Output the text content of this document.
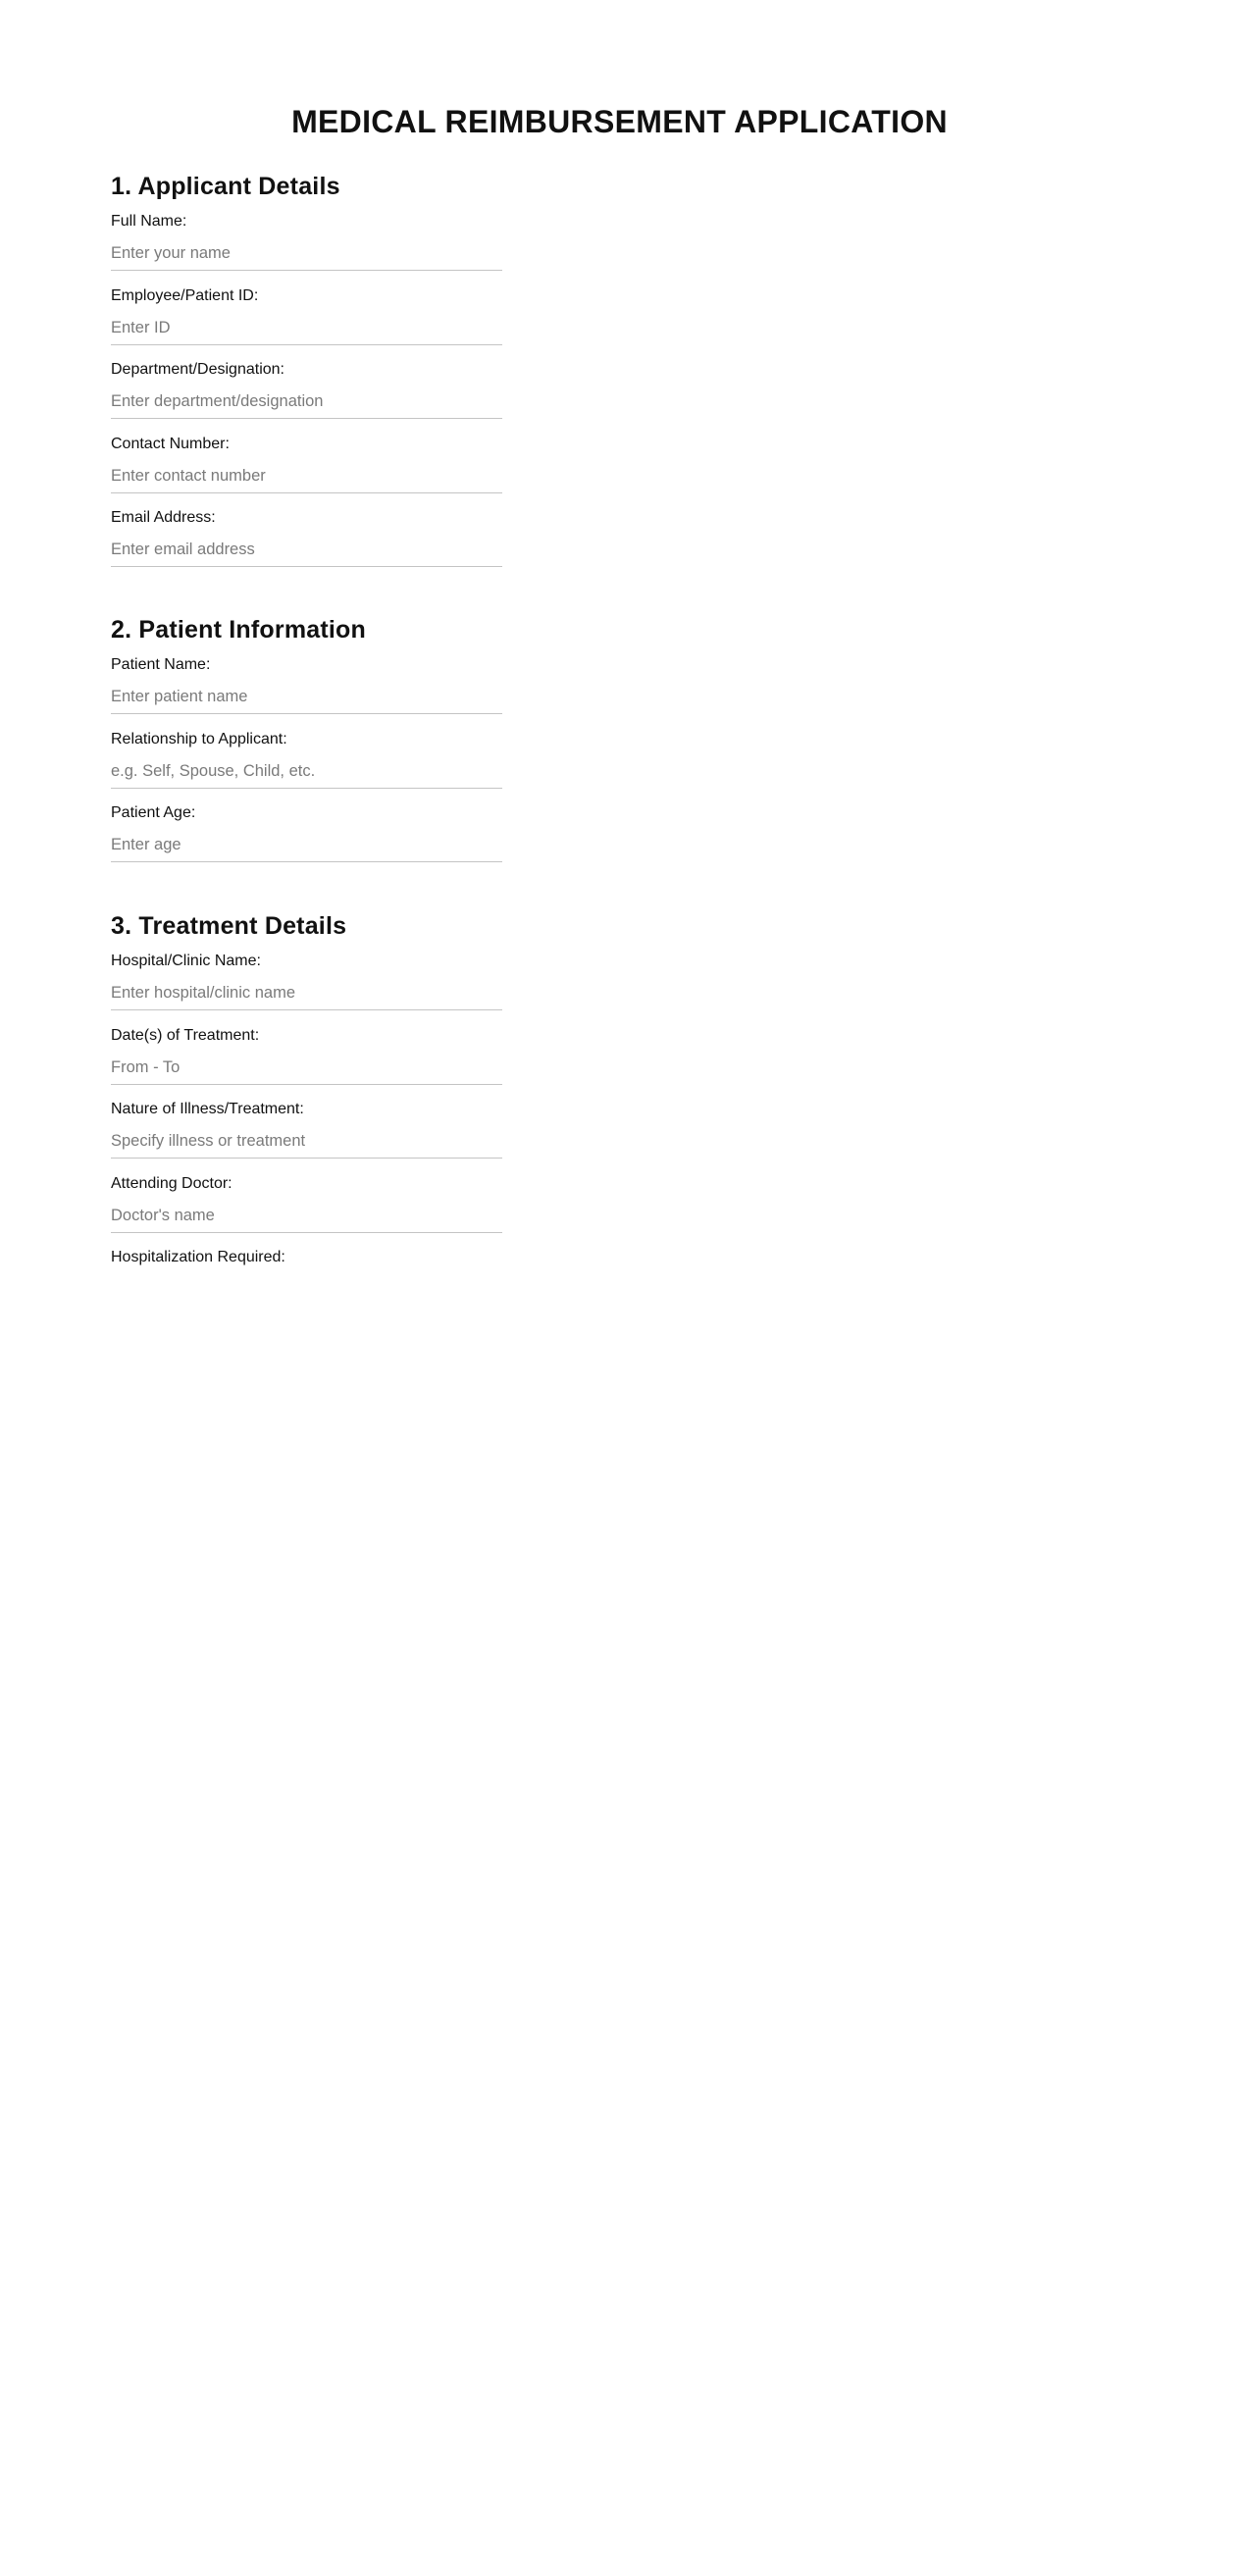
MEDICAL REIMBURSEMENT APPLICATION
1. Applicant Details
Full Name:
Enter your name
Employee/Patient ID:
Enter ID
Department/Designation:
Enter department/designation
Contact Number:
Enter contact number
Email Address:
Enter email address
2. Patient Information
Patient Name:
Enter patient name
Relationship to Applicant:
e.g. Self, Spouse, Child, etc.
Patient Age:
Enter age
3. Treatment Details
Hospital/Clinic Name:
Enter hospital/clinic name
Date(s) of Treatment:
From - To
Nature of Illness/Treatment:
Specify illness or treatment
Attending Doctor:
Doctor's name
Hospitalization Required:
